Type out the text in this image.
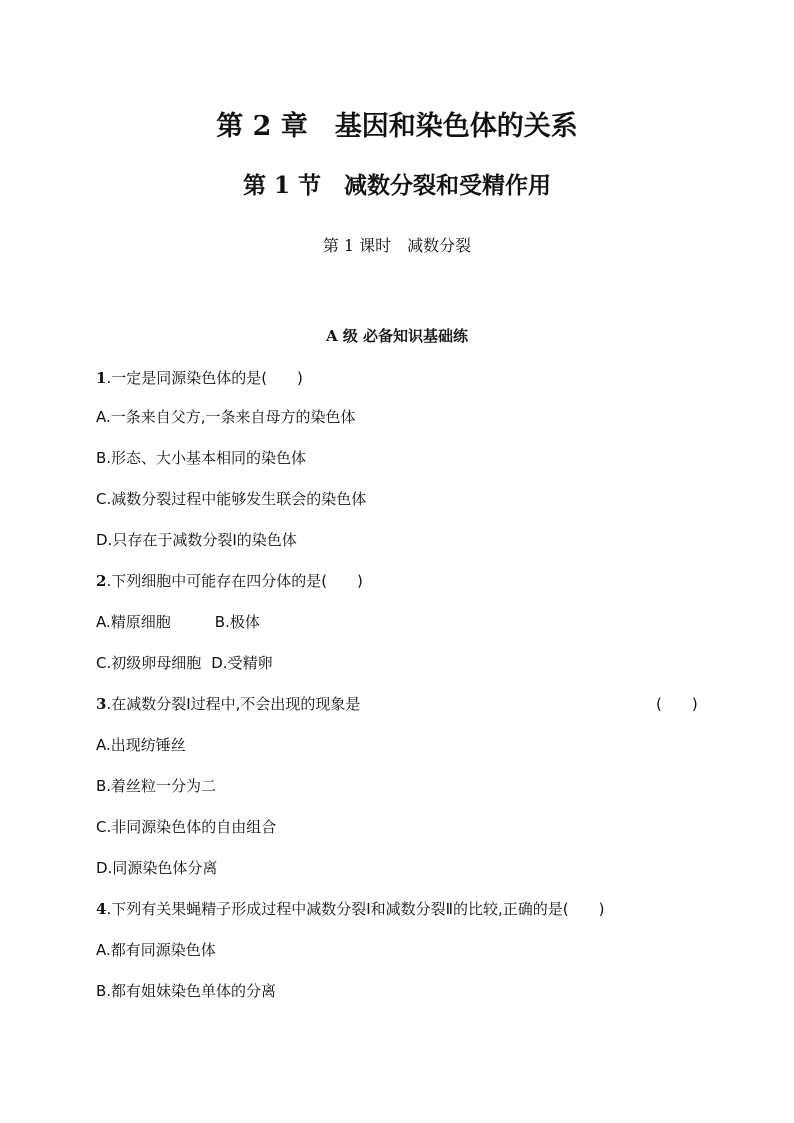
第 2 章　基因和染色体的关系
第 1 节　减数分裂和受精作用
第 1 课时　减数分裂
A 级 必备知识基础练
1.一定是同源染色体的是(　　)
A.一条来自父方,一条来自母方的染色体
B.形态、大小基本相同的染色体
C.减数分裂过程中能够发生联会的染色体
D.只存在于减数分裂Ⅰ的染色体
2.下列细胞中可能存在四分体的是(　　)
A.精原细胞	B.极体
C.初级卵母细胞 D.受精卵
3.在减数分裂Ⅰ过程中,不会出现的现象是	(　　)
A.出现纺锤丝
B.着丝粒一分为二
C.非同源染色体的自由组合
D.同源染色体分离
4.下列有关果蝇精子形成过程中减数分裂Ⅰ和减数分裂Ⅱ的比较,正确的是(　　)
A.都有同源染色体
B.都有姐妹染色单体的分离
